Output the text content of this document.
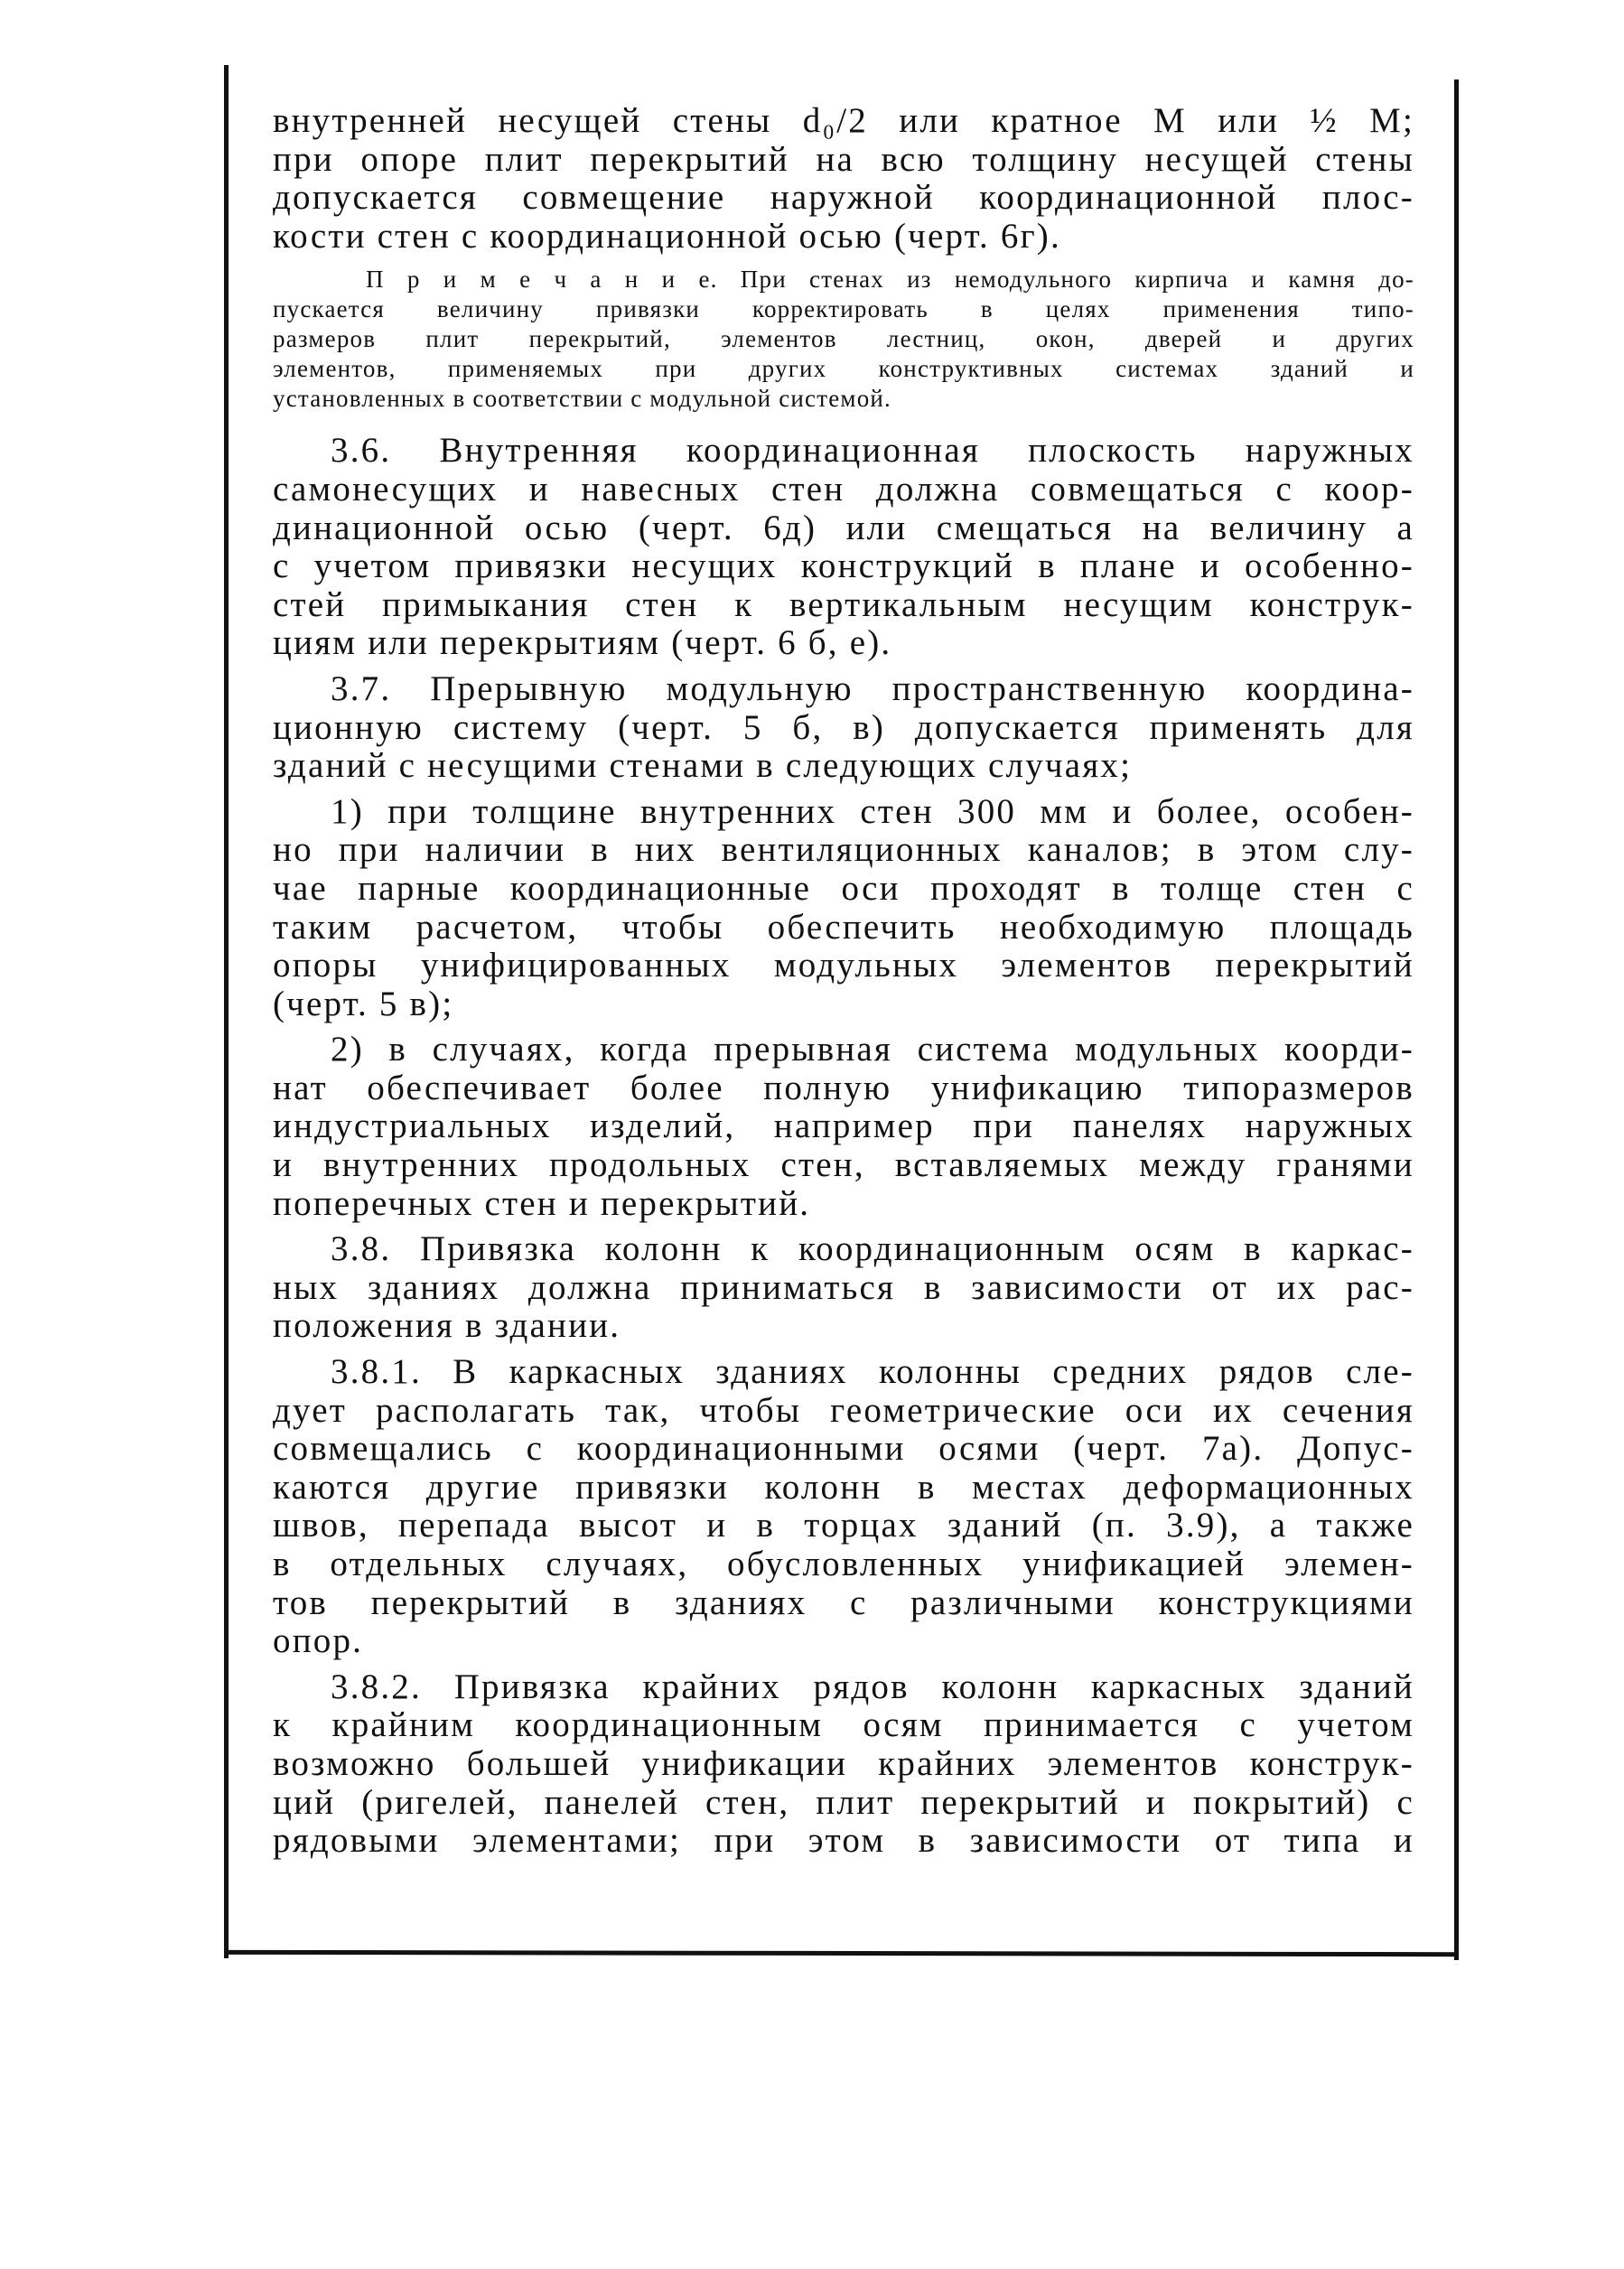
внутренней несущей стены d₀/2 или кратное M или ½ M;
при опоре плит перекрытий на всю толщину несущей стены
допускается совмещение наружной координационной плос-
кости стен с координационной осью (черт. 6г).
П р и м е ч а н и е. При стенах из немодульного кирпича и камня до-
пускается величину привязки корректировать в целях применения типо-
размеров плит перекрытий, элементов лестниц, окон, дверей и других
элементов, применяемых при других конструктивных системах зданий и
установленных в соответствии с модульной системой.
3.6. Внутренняя координационная плоскость наружных
самонесущих и навесных стен должна совмещаться с коор-
динационной осью (черт. 6д) или смещаться на величину a
с учетом привязки несущих конструкций в плане и особенно-
стей примыкания стен к вертикальным несущим конструк-
циям или перекрытиям (черт. 6 б, е).
3.7. Прерывную модульную пространственную координа-
ционную систему (черт. 5 б, в) допускается применять для
зданий с несущими стенами в следующих случаях;
1) при толщине внутренних стен 300 мм и более, особен-
но при наличии в них вентиляционных каналов; в этом слу-
чае парные координационные оси проходят в толще стен с
таким расчетом, чтобы обеспечить необходимую площадь
опоры унифицированных модульных элементов перекрытий
(черт. 5 в);
2) в случаях, когда прерывная система модульных коорди-
нат обеспечивает более полную унификацию типоразмеров
индустриальных изделий, например при панелях наружных
и внутренних продольных стен, вставляемых между гранями
поперечных стен и перекрытий.
3.8. Привязка колонн к координационным осям в каркас-
ных зданиях должна приниматься в зависимости от их рас-
положения в здании.
3.8.1. В каркасных зданиях колонны средних рядов сле-
дует располагать так, чтобы геометрические оси их сечения
совмещались с координационными осями (черт. 7а). Допус-
каются другие привязки колонн в местах деформационных
швов, перепада высот и в торцах зданий (п. 3.9), а также
в отдельных случаях, обусловленных унификацией элемен-
тов перекрытий в зданиях с различными конструкциями
опор.
3.8.2. Привязка крайних рядов колонн каркасных зданий
к крайним координационным осям принимается с учетом
возможно большей унификации крайних элементов конструк-
ций (ригелей, панелей стен, плит перекрытий и покрытий) с
рядовыми элементами; при этом в зависимости от типа и
